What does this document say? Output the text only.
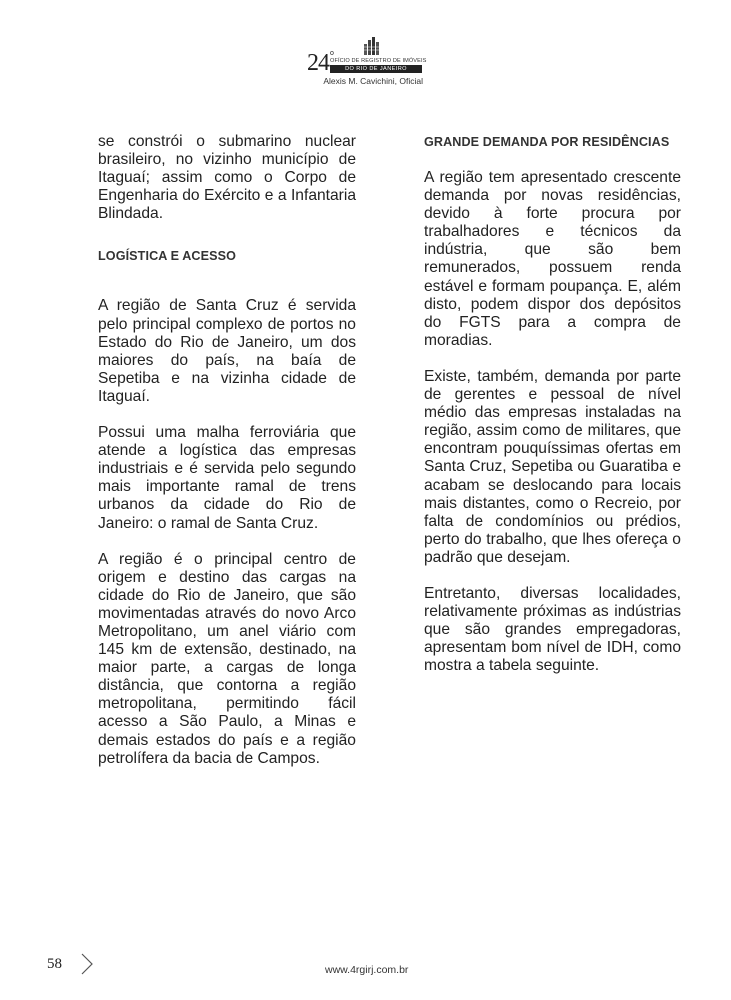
24 o
OFÍCIO DE REGISTRO DE IMÓVEIS
DO RIO DE JANEIRO
Alexis M. Cavichini, Oficial

se constrói o submarino nuclear brasileiro, no vizinho município de Itaguaí; assim como o Corpo de Engenharia do Exército e a Infantaria Blindada.

LOGÍSTICA E ACESSO

A região de Santa Cruz é servida pelo principal complexo de portos no Estado do Rio de Janeiro, um dos maiores do país, na baía de Sepetiba e na vizinha cidade de Itaguaí.

Possui uma malha ferroviária que atende a logística das empresas industriais e é servida pelo segundo mais importante ramal de trens urbanos da cidade do Rio de Janeiro: o ramal de Santa Cruz.

A região é o principal centro de origem e destino das cargas na cidade do Rio de Janeiro, que são movimentadas através do novo Arco Metropolitano, um anel viário com 145 km de extensão, destinado, na maior parte, a cargas de longa distância, que contorna a região metropolitana, permitindo fácil acesso a São Paulo, a Minas e demais estados do país e a região petrolífera da bacia de Campos.

GRANDE DEMANDA POR RESIDÊNCIAS

A região tem apresentado crescente demanda por novas residências, devido à forte procura por trabalhadores e técnicos da indústria, que são bem remunerados, possuem renda estável e formam poupança. E, além disto, podem dispor dos depósitos do FGTS para a compra de moradias.

Existe, também, demanda por parte de gerentes e pessoal de nível médio das empresas instaladas na região, assim como de militares, que encontram pouquíssimas ofertas em Santa Cruz, Sepetiba ou Guaratiba e acabam se deslocando para locais mais distantes, como o Recreio, por falta de condomínios ou prédios, perto do trabalho, que lhes ofereça o padrão que desejam.

Entretanto, diversas localidades, relativamente próximas as indústrias que são grandes empregadoras, apresentam bom nível de IDH, como mostra a tabela seguinte.

58	www.4rgirj.com.br
